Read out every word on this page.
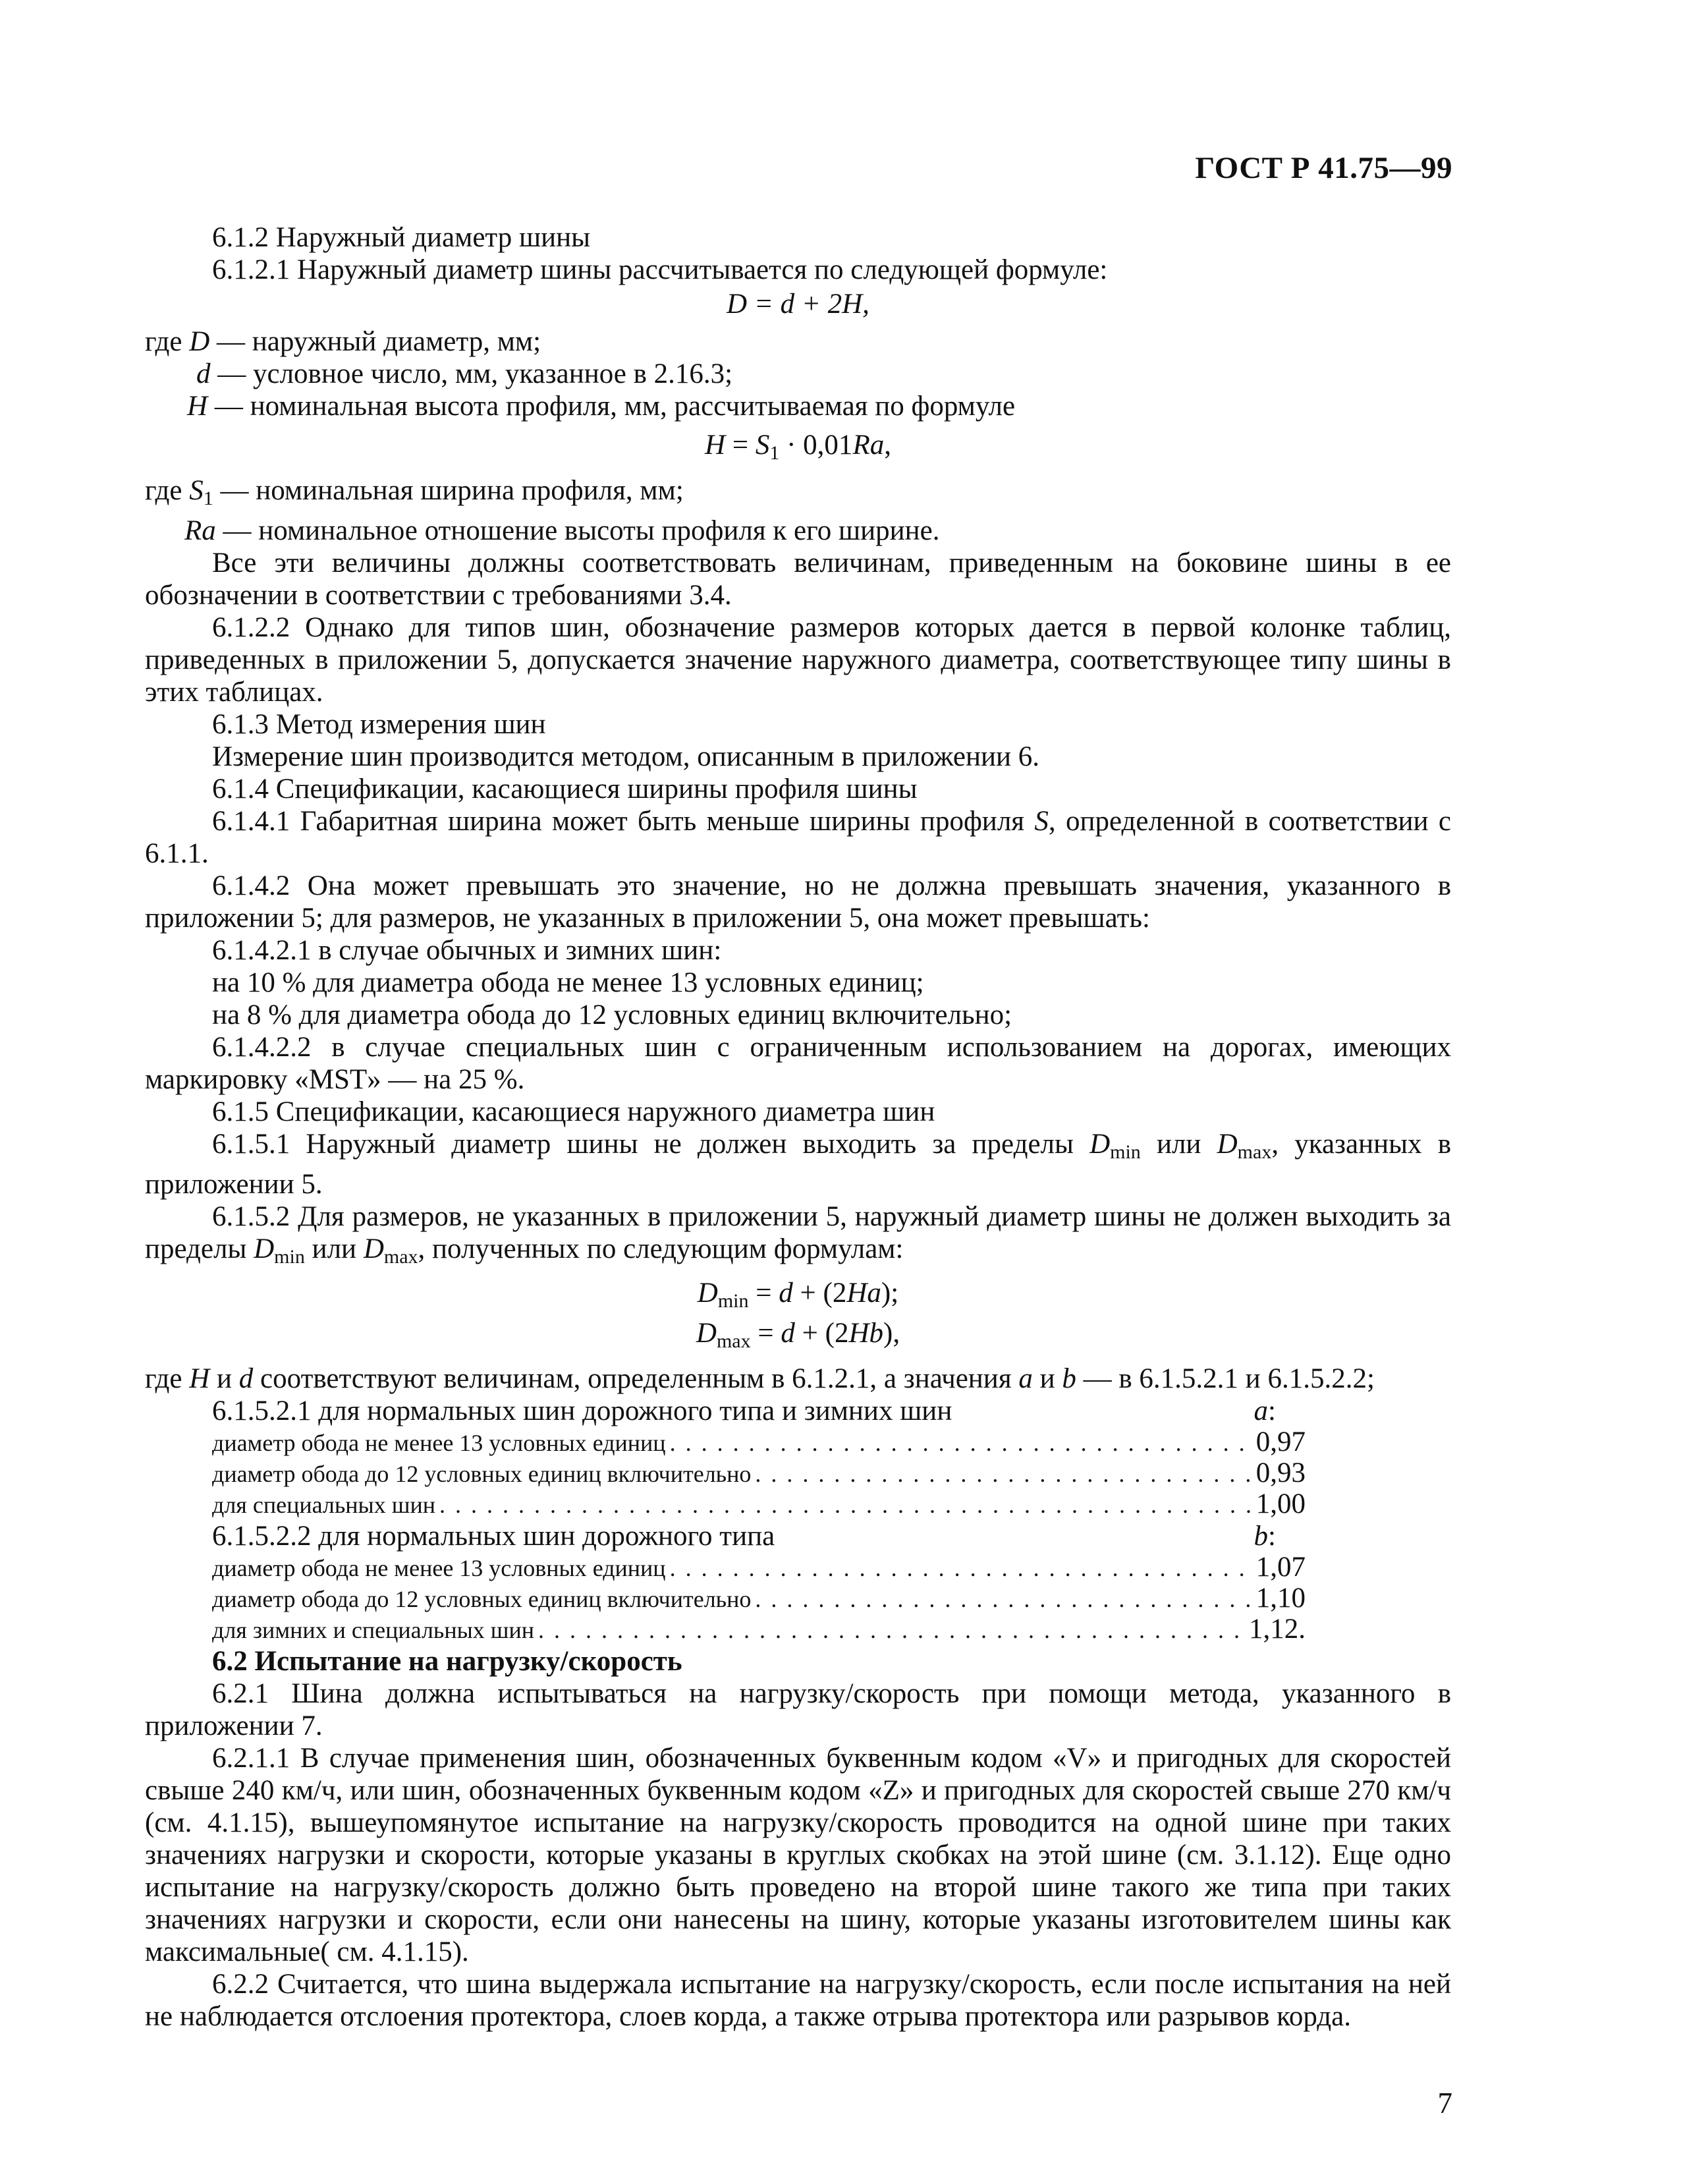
ГОСТ Р 41.75—99

6.1.2 Наружный диаметр шины

6.1.2.1 Наружный диаметр шины рассчитывается по следующей формуле:

D = d + 2H,

где D — наружный диаметр, мм;
d — условное число, мм, указанное в 2.16.3;
H — номинальная высота профиля, мм, рассчитываемая по формуле

$H = S_1 \cdot 0,01Ra$,

где $S_1$ — номинальная ширина профиля, мм;
Ra — номинальное отношение высоты профиля к его ширине.

Все эти величины должны соответствовать величинам, приведенным на боковине шины в ее обозначении в соответствии с требованиями 3.4.

6.1.2.2 Однако для типов шин, обозначение размеров которых дается в первой колонке таблиц, приведенных в приложении 5, допускается значение наружного диаметра, соответствующее типу шины в этих таблицах.

6.1.3 Метод измерения шин

Измерение шин производится методом, описанным в приложении 6.

6.1.4 Спецификации, касающиеся ширины профиля шины

6.1.4.1 Габаритная ширина может быть меньше ширины профиля S, определенной в соответствии с 6.1.1.

6.1.4.2 Она может превышать это значение, но не должна превышать значения, указанного в приложении 5; для размеров, не указанных в приложении 5, она может превышать:

6.1.4.2.1 в случае обычных и зимних шин:

на 10 % для диаметра обода не менее 13 условных единиц;

на 8 % для диаметра обода до 12 условных единиц включительно;

6.1.4.2.2 в случае специальных шин с ограниченным использованием на дорогах, имеющих маркировку «MST» — на 25 %.

6.1.5 Спецификации, касающиеся наружного диаметра шин

6.1.5.1 Наружный диаметр шины не должен выходить за пределы $D_{min}$ или $D_{max}$, указанных в приложении 5.

6.1.5.2 Для размеров, не указанных в приложении 5, наружный диаметр шины не должен выходить за пределы $D_{min}$ или $D_{max}$, полученных по следующим формулам:

$D_{min} = d + (2Ha)$;

$D_{max} = d + (2Hb)$,

где H и d соответствуют величинам, определенным в 6.1.2.1, а значения a и b — в 6.1.5.2.1 и 6.1.5.2.2;

6.1.5.2.1 для нормальных шин дорожного типа и зимних шин	a:
диаметр обода не менее 13 условных единиц . . .	0,97
диаметр обода до 12 условных единиц включительно . . .	0,93
для специальных шин . . .	1,00
6.1.5.2.2 для нормальных шин дорожного типа	b:
диаметр обода не менее 13 условных единиц . . .	1,07
диаметр обода до 12 условных единиц включительно . . .	1,10
для зимних и специальных шин . . .	1,12.

6.2 Испытание на нагрузку/скорость

6.2.1 Шина должна испытываться на нагрузку/скорость при помощи метода, указанного в приложении 7.

6.2.1.1 В случае применения шин, обозначенных буквенным кодом «V» и пригодных для скоростей свыше 240 км/ч, или шин, обозначенных буквенным кодом «Z» и пригодных для скоростей свыше 270 км/ч (см. 4.1.15), вышеупомянутое испытание на нагрузку/скорость проводится на одной шине при таких значениях нагрузки и скорости, которые указаны в круглых скобках на этой шине (см. 3.1.12). Еще одно испытание на нагрузку/скорость должно быть проведено на второй шине такого же типа при таких значениях нагрузки и скорости, если они нанесены на шину, которые указаны изготовителем шины как максимальные( см. 4.1.15).

6.2.2 Считается, что шина выдержала испытание на нагрузку/скорость, если после испытания на ней не наблюдается отслоения протектора, слоев корда, а также отрыва протектора или разрывов корда.

7
